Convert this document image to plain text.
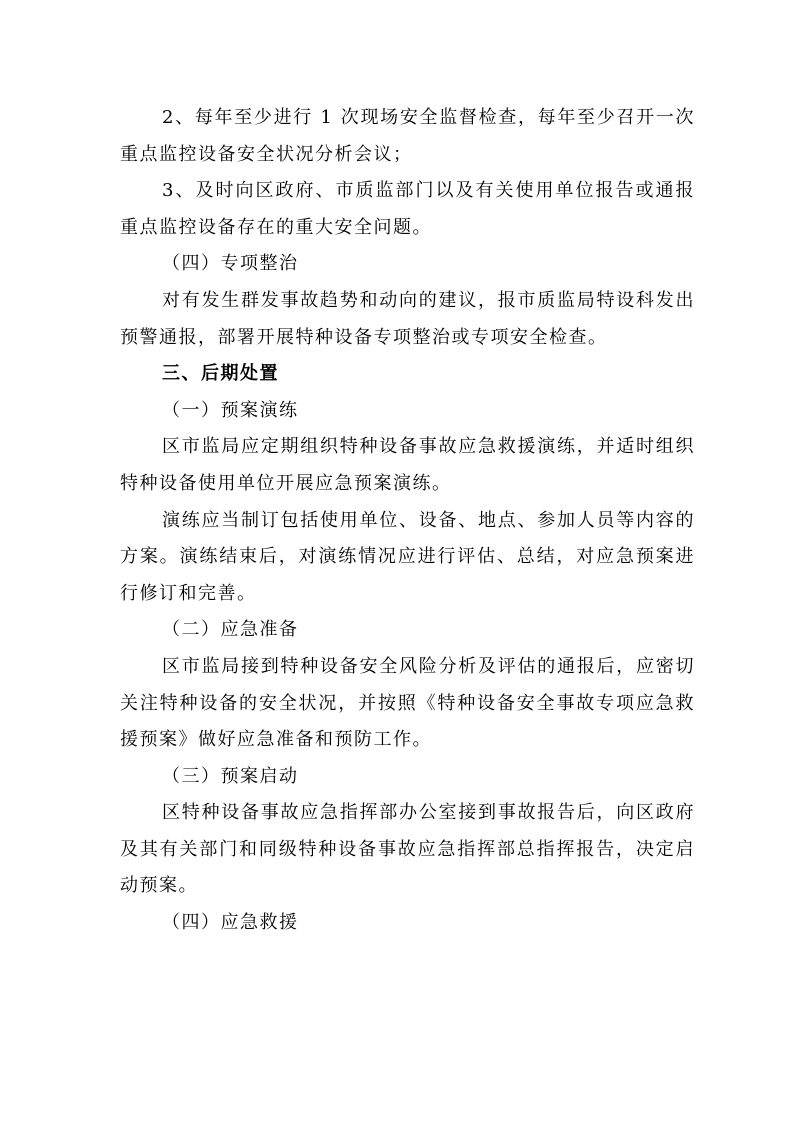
2、每年至少进行 1 次现场安全监督检查，每年至少召开一次重点监控设备安全状况分析会议；

3、及时向区政府、市质监部门以及有关使用单位报告或通报重点监控设备存在的重大安全问题。

（四）专项整治

对有发生群发事故趋势和动向的建议，报市质监局特设科发出预警通报，部署开展特种设备专项整治或专项安全检查。

三、后期处置

（一）预案演练

区市监局应定期组织特种设备事故应急救援演练，并适时组织特种设备使用单位开展应急预案演练。

演练应当制订包括使用单位、设备、地点、参加人员等内容的方案。演练结束后，对演练情况应进行评估、总结，对应急预案进行修订和完善。

（二）应急准备

区市监局接到特种设备安全风险分析及评估的通报后，应密切关注特种设备的安全状况，并按照《特种设备安全事故专项应急救援预案》做好应急准备和预防工作。

（三）预案启动

区特种设备事故应急指挥部办公室接到事故报告后，向区政府及其有关部门和同级特种设备事故应急指挥部总指挥报告，决定启动预案。

（四）应急救援
